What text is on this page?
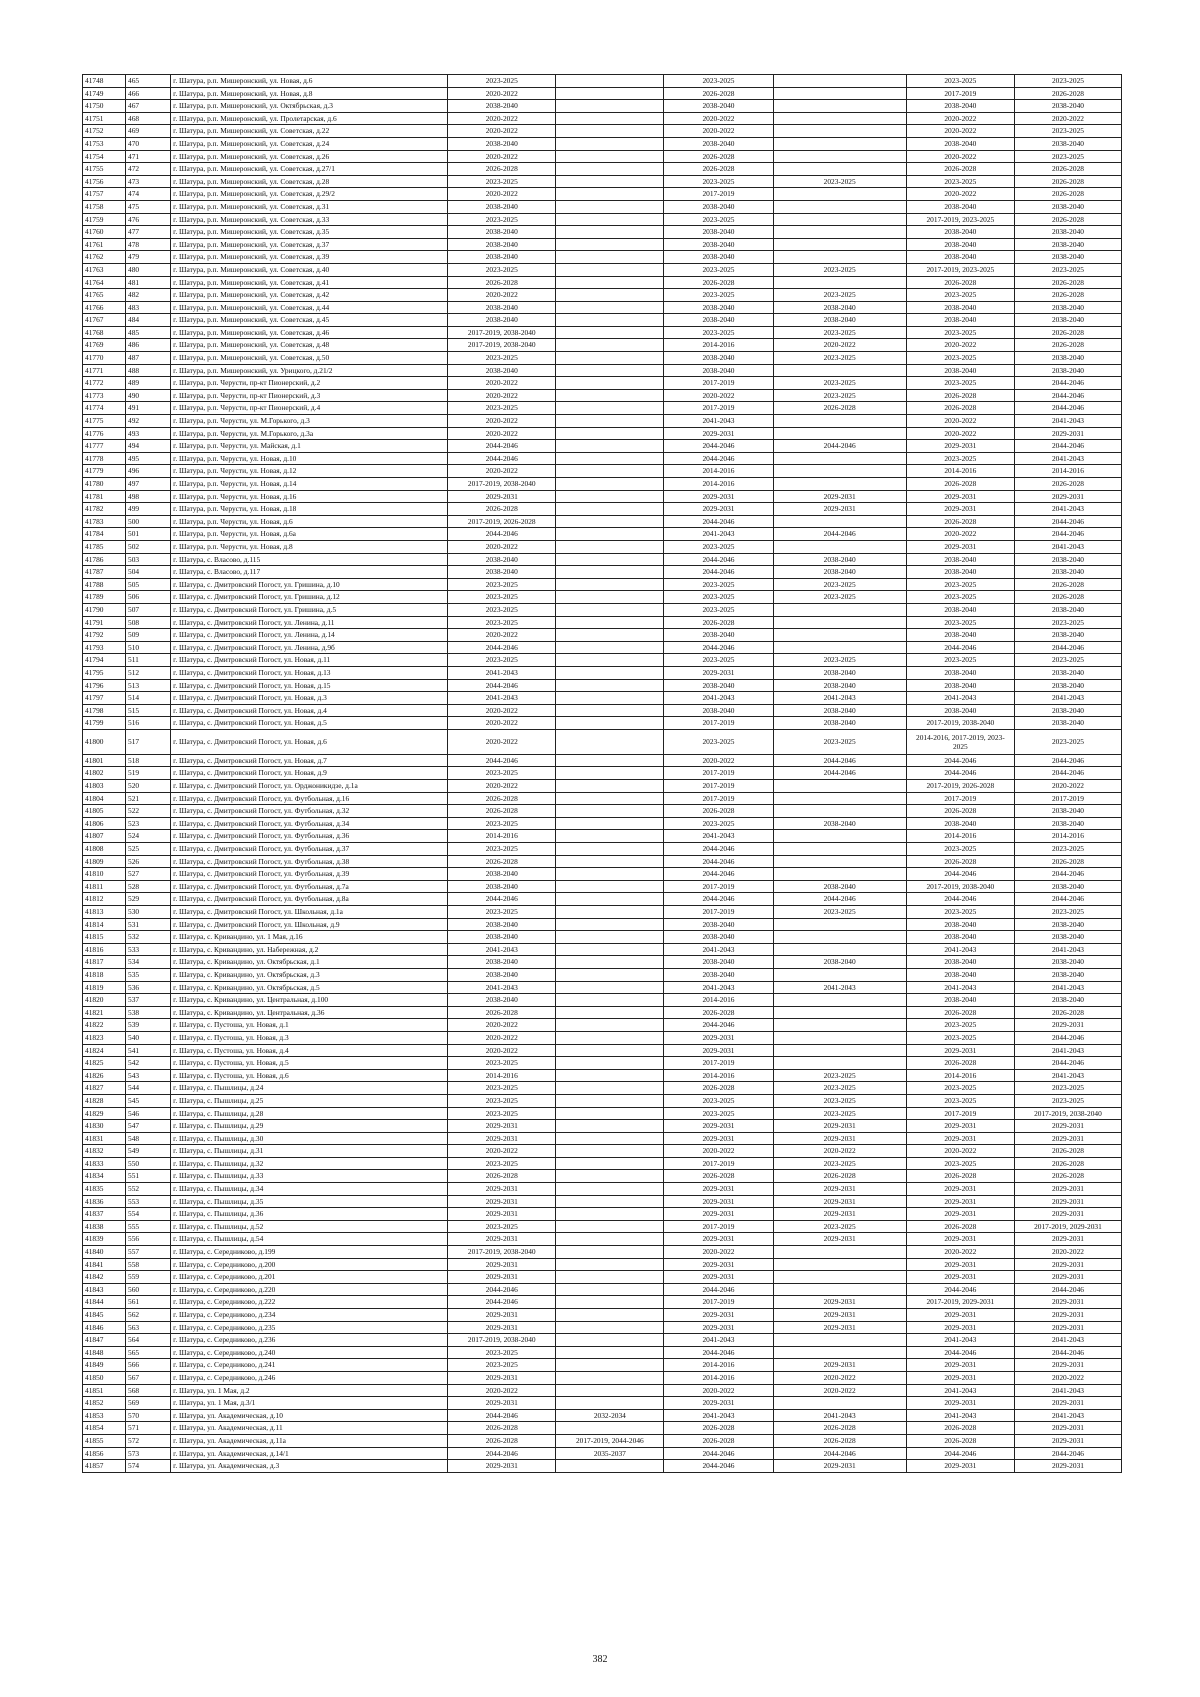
41748	465	г. Шатура, р.п. Мишеронский, ул. Новая, д.6	2023-2025		2023-2025		2023-2025	2023-2025
41749	466	г. Шатура, р.п. Мишеронский, ул. Новая, д.8	2020-2022		2026-2028		2017-2019	2026-2028
41750	467	г. Шатура, р.п. Мишеронский, ул. Октябрьская, д.3	2038-2040		2038-2040		2038-2040	2038-2040
41751	468	г. Шатура, р.п. Мишеронский, ул. Пролетарская, д.6	2020-2022		2020-2022		2020-2022	2020-2022
41752	469	г. Шатура, р.п. Мишеронский, ул. Советская, д.22	2020-2022		2020-2022		2020-2022	2023-2025
41753	470	г. Шатура, р.п. Мишеронский, ул. Советская, д.24	2038-2040		2038-2040		2038-2040	2038-2040
41754	471	г. Шатура, р.п. Мишеронский, ул. Советская, д.26	2020-2022		2026-2028		2020-2022	2023-2025
41755	472	г. Шатура, р.п. Мишеронский, ул. Советская, д.27/1	2026-2028		2026-2028		2026-2028	2026-2028
41756	473	г. Шатура, р.п. Мишеронский, ул. Советская, д.28	2023-2025		2023-2025	2023-2025	2023-2025	2026-2028
41757	474	г. Шатура, р.п. Мишеронский, ул. Советская, д.29/2	2020-2022		2017-2019		2020-2022	2026-2028
41758	475	г. Шатура, р.п. Мишеронский, ул. Советская, д.31	2038-2040		2038-2040		2038-2040	2038-2040
41759	476	г. Шатура, р.п. Мишеронский, ул. Советская, д.33	2023-2025		2023-2025		2017-2019, 2023-2025	2026-2028
41760	477	г. Шатура, р.п. Мишеронский, ул. Советская, д.35	2038-2040		2038-2040		2038-2040	2038-2040
41761	478	г. Шатура, р.п. Мишеронский, ул. Советская, д.37	2038-2040		2038-2040		2038-2040	2038-2040
41762	479	г. Шатура, р.п. Мишеронский, ул. Советская, д.39	2038-2040		2038-2040		2038-2040	2038-2040
41763	480	г. Шатура, р.п. Мишеронский, ул. Советская, д.40	2023-2025		2023-2025	2023-2025	2017-2019, 2023-2025	2023-2025
41764	481	г. Шатура, р.п. Мишеронский, ул. Советская, д.41	2026-2028		2026-2028		2026-2028	2026-2028
41765	482	г. Шатура, р.п. Мишеронский, ул. Советская, д.42	2020-2022		2023-2025	2023-2025	2023-2025	2026-2028
41766	483	г. Шатура, р.п. Мишеронский, ул. Советская, д.44	2038-2040		2038-2040	2038-2040	2038-2040	2038-2040
41767	484	г. Шатура, р.п. Мишеронский, ул. Советская, д.45	2038-2040		2038-2040	2038-2040	2038-2040	2038-2040
41768	485	г. Шатура, р.п. Мишеронский, ул. Советская, д.46	2017-2019, 2038-2040		2023-2025	2023-2025	2023-2025	2026-2028
41769	486	г. Шатура, р.п. Мишеронский, ул. Советская, д.48	2017-2019, 2038-2040		2014-2016	2020-2022	2020-2022	2026-2028
41770	487	г. Шатура, р.п. Мишеронский, ул. Советская, д.50	2023-2025		2038-2040	2023-2025	2023-2025	2038-2040
41771	488	г. Шатура, р.п. Мишеронский, ул. Урицкого, д.21/2	2038-2040		2038-2040		2038-2040	2038-2040
41772	489	г. Шатура, р.п. Черусти, пр-кт Пионерский, д.2	2020-2022		2017-2019	2023-2025	2023-2025	2044-2046
41773	490	г. Шатура, р.п. Черусти, пр-кт Пионерский, д.3	2020-2022		2020-2022	2023-2025	2026-2028	2044-2046
41774	491	г. Шатура, р.п. Черусти, пр-кт Пионерский, д.4	2023-2025		2017-2019	2026-2028	2026-2028	2044-2046
41775	492	г. Шатура, р.п. Черусти, ул. М.Горького, д.3	2020-2022		2041-2043		2020-2022	2041-2043
41776	493	г. Шатура, р.п. Черусти, ул. М.Горького, д.3а	2020-2022		2029-2031		2020-2022	2029-2031
41777	494	г. Шатура, р.п. Черусти, ул. Майская, д.1	2044-2046		2044-2046	2044-2046	2029-2031	2044-2046
41778	495	г. Шатура, р.п. Черусти, ул. Новая, д.10	2044-2046		2044-2046		2023-2025	2041-2043
41779	496	г. Шатура, р.п. Черусти, ул. Новая, д.12	2020-2022		2014-2016		2014-2016	2014-2016
41780	497	г. Шатура, р.п. Черусти, ул. Новая, д.14	2017-2019, 2038-2040		2014-2016		2026-2028	2026-2028
41781	498	г. Шатура, р.п. Черусти, ул. Новая, д.16	2029-2031		2029-2031	2029-2031	2029-2031	2029-2031
41782	499	г. Шатура, р.п. Черусти, ул. Новая, д.18	2026-2028		2029-2031	2029-2031	2029-2031	2041-2043
41783	500	г. Шатура, р.п. Черусти, ул. Новая, д.6	2017-2019, 2026-2028		2044-2046		2026-2028	2044-2046
41784	501	г. Шатура, р.п. Черусти, ул. Новая, д.6а	2044-2046		2041-2043	2044-2046	2020-2022	2044-2046
41785	502	г. Шатура, р.п. Черусти, ул. Новая, д.8	2020-2022		2023-2025		2029-2031	2041-2043
41786	503	г. Шатура, с. Власово, д.115	2038-2040		2044-2046	2038-2040	2038-2040	2038-2040
41787	504	г. Шатура, с. Власово, д.117	2038-2040		2044-2046	2038-2040	2038-2040	2038-2040
41788	505	г. Шатура, с. Дмитровский Погост, ул. Гришина, д.10	2023-2025		2023-2025	2023-2025	2023-2025	2026-2028
41789	506	г. Шатура, с. Дмитровский Погост, ул. Гришина, д.12	2023-2025		2023-2025	2023-2025	2023-2025	2026-2028
41790	507	г. Шатура, с. Дмитровский Погост, ул. Гришина, д.5	2023-2025		2023-2025		2038-2040	2038-2040
41791	508	г. Шатура, с. Дмитровский Погост, ул. Ленина, д.11	2023-2025		2026-2028		2023-2025	2023-2025
41792	509	г. Шатура, с. Дмитровский Погост, ул. Ленина, д.14	2020-2022		2038-2040		2038-2040	2038-2040
41793	510	г. Шатура, с. Дмитровский Погост, ул. Ленина, д.9б	2044-2046		2044-2046		2044-2046	2044-2046
41794	511	г. Шатура, с. Дмитровский Погост, ул. Новая, д.11	2023-2025		2023-2025	2023-2025	2023-2025	2023-2025
41795	512	г. Шатура, с. Дмитровский Погост, ул. Новая, д.13	2041-2043		2029-2031	2038-2040	2038-2040	2038-2040
41796	513	г. Шатура, с. Дмитровский Погост, ул. Новая, д.15	2044-2046		2038-2040	2038-2040	2038-2040	2038-2040
41797	514	г. Шатура, с. Дмитровский Погост, ул. Новая, д.3	2041-2043		2041-2043	2041-2043	2041-2043	2041-2043
41798	515	г. Шатура, с. Дмитровский Погост, ул. Новая, д.4	2020-2022		2038-2040	2038-2040	2038-2040	2038-2040
41799	516	г. Шатура, с. Дмитровский Погост, ул. Новая, д.5	2020-2022		2017-2019	2038-2040	2017-2019, 2038-2040	2038-2040
41800	517	г. Шатура, с. Дмитровский Погост, ул. Новая, д.6	2020-2022		2023-2025	2023-2025	2014-2016, 2017-2019, 2023-2025	2023-2025
41801	518	г. Шатура, с. Дмитровский Погост, ул. Новая, д.7	2044-2046		2020-2022	2044-2046	2044-2046	2044-2046
41802	519	г. Шатура, с. Дмитровский Погост, ул. Новая, д.9	2023-2025		2017-2019	2044-2046	2044-2046	2044-2046
41803	520	г. Шатура, с. Дмитровский Погост, ул. Орджоникидзе, д.1а	2020-2022		2017-2019		2017-2019, 2026-2028	2020-2022
41804	521	г. Шатура, с. Дмитровский Погост, ул. Футбольная, д.16	2026-2028		2017-2019		2017-2019	2017-2019
41805	522	г. Шатура, с. Дмитровский Погост, ул. Футбольная, д.32	2026-2028		2026-2028		2026-2028	2038-2040
41806	523	г. Шатура, с. Дмитровский Погост, ул. Футбольная, д.34	2023-2025		2023-2025	2038-2040	2038-2040	2038-2040
41807	524	г. Шатура, с. Дмитровский Погост, ул. Футбольная, д.36	2014-2016		2041-2043		2014-2016	2014-2016
41808	525	г. Шатура, с. Дмитровский Погост, ул. Футбольная, д.37	2023-2025		2044-2046		2023-2025	2023-2025
41809	526	г. Шатура, с. Дмитровский Погост, ул. Футбольная, д.38	2026-2028		2044-2046		2026-2028	2026-2028
41810	527	г. Шатура, с. Дмитровский Погост, ул. Футбольная, д.39	2038-2040		2044-2046		2044-2046	2044-2046
41811	528	г. Шатура, с. Дмитровский Погост, ул. Футбольная, д.7а	2038-2040		2017-2019	2038-2040	2017-2019, 2038-2040	2038-2040
41812	529	г. Шатура, с. Дмитровский Погост, ул. Футбольная, д.8а	2044-2046		2044-2046	2044-2046	2044-2046	2044-2046
41813	530	г. Шатура, с. Дмитровский Погост, ул. Школьная, д.1а	2023-2025		2017-2019	2023-2025	2023-2025	2023-2025
41814	531	г. Шатура, с. Дмитровский Погост, ул. Школьная, д.9	2038-2040		2038-2040		2038-2040	2038-2040
41815	532	г. Шатура, с. Кривандино, ул. 1 Мая, д.16	2038-2040		2038-2040		2038-2040	2038-2040
41816	533	г. Шатура, с. Кривандино, ул. Набережная, д.2	2041-2043		2041-2043		2041-2043	2041-2043
41817	534	г. Шатура, с. Кривандино, ул. Октябрьская, д.1	2038-2040		2038-2040	2038-2040	2038-2040	2038-2040
41818	535	г. Шатура, с. Кривандино, ул. Октябрьская, д.3	2038-2040		2038-2040		2038-2040	2038-2040
41819	536	г. Шатура, с. Кривандино, ул. Октябрьская, д.5	2041-2043		2041-2043	2041-2043	2041-2043	2041-2043
41820	537	г. Шатура, с. Кривандино, ул. Центральная, д.100	2038-2040		2014-2016		2038-2040	2038-2040
41821	538	г. Шатура, с. Кривандино, ул. Центральная, д.36	2026-2028		2026-2028		2026-2028	2026-2028
41822	539	г. Шатура, с. Пустоша, ул. Новая, д.1	2020-2022		2044-2046		2023-2025	2029-2031
41823	540	г. Шатура, с. Пустоша, ул. Новая, д.3	2020-2022		2029-2031		2023-2025	2044-2046
41824	541	г. Шатура, с. Пустоша, ул. Новая, д.4	2020-2022		2029-2031		2029-2031	2041-2043
41825	542	г. Шатура, с. Пустоша, ул. Новая, д.5	2023-2025		2017-2019		2026-2028	2044-2046
41826	543	г. Шатура, с. Пустоша, ул. Новая, д.6	2014-2016		2014-2016	2023-2025	2014-2016	2041-2043
41827	544	г. Шатура, с. Пышлицы, д.24	2023-2025		2026-2028	2023-2025	2023-2025	2023-2025
41828	545	г. Шатура, с. Пышлицы, д.25	2023-2025		2023-2025	2023-2025	2023-2025	2023-2025
41829	546	г. Шатура, с. Пышлицы, д.28	2023-2025		2023-2025	2023-2025	2017-2019	2017-2019, 2038-2040
41830	547	г. Шатура, с. Пышлицы, д.29	2029-2031		2029-2031	2029-2031	2029-2031	2029-2031
41831	548	г. Шатура, с. Пышлицы, д.30	2029-2031		2029-2031	2029-2031	2029-2031	2029-2031
41832	549	г. Шатура, с. Пышлицы, д.31	2020-2022		2020-2022	2020-2022	2020-2022	2026-2028
41833	550	г. Шатура, с. Пышлицы, д.32	2023-2025		2017-2019	2023-2025	2023-2025	2026-2028
41834	551	г. Шатура, с. Пышлицы, д.33	2026-2028		2026-2028	2026-2028	2026-2028	2026-2028
41835	552	г. Шатура, с. Пышлицы, д.34	2029-2031		2029-2031	2029-2031	2029-2031	2029-2031
41836	553	г. Шатура, с. Пышлицы, д.35	2029-2031		2029-2031	2029-2031	2029-2031	2029-2031
41837	554	г. Шатура, с. Пышлицы, д.36	2029-2031		2029-2031	2029-2031	2029-2031	2029-2031
41838	555	г. Шатура, с. Пышлицы, д.52	2023-2025		2017-2019	2023-2025	2026-2028	2017-2019, 2029-2031
41839	556	г. Шатура, с. Пышлицы, д.54	2029-2031		2029-2031	2029-2031	2029-2031	2029-2031
41840	557	г. Шатура, с. Середниково, д.199	2017-2019, 2038-2040		2020-2022		2020-2022	2020-2022
41841	558	г. Шатура, с. Середниково, д.200	2029-2031		2029-2031		2029-2031	2029-2031
41842	559	г. Шатура, с. Середниково, д.201	2029-2031		2029-2031		2029-2031	2029-2031
41843	560	г. Шатура, с. Середниково, д.220	2044-2046		2044-2046		2044-2046	2044-2046
41844	561	г. Шатура, с. Середниково, д.222	2044-2046		2017-2019	2029-2031	2017-2019, 2029-2031	2029-2031
41845	562	г. Шатура, с. Середниково, д.234	2029-2031		2029-2031	2029-2031	2029-2031	2029-2031
41846	563	г. Шатура, с. Середниково, д.235	2029-2031		2029-2031	2029-2031	2029-2031	2029-2031
41847	564	г. Шатура, с. Середниково, д.236	2017-2019, 2038-2040		2041-2043		2041-2043	2041-2043
41848	565	г. Шатура, с. Середниково, д.240	2023-2025		2044-2046		2044-2046	2044-2046
41849	566	г. Шатура, с. Середниково, д.241	2023-2025		2014-2016	2029-2031	2029-2031	2029-2031
41850	567	г. Шатура, с. Середниково, д.246	2029-2031		2014-2016	2020-2022	2029-2031	2020-2022
41851	568	г. Шатура, ул. 1 Мая, д.2	2020-2022		2020-2022	2020-2022	2041-2043	2041-2043
41852	569	г. Шатура, ул. 1 Мая, д.3/1	2029-2031		2029-2031		2029-2031	2029-2031
41853	570	г. Шатура, ул. Академическая, д.10	2044-2046	2032-2034	2041-2043	2041-2043	2041-2043	2041-2043
41854	571	г. Шатура, ул. Академическая, д.11	2026-2028		2026-2028	2026-2028	2026-2028	2029-2031
41855	572	г. Шатура, ул. Академическая, д.11а	2026-2028	2017-2019, 2044-2046	2026-2028	2026-2028	2026-2028	2029-2031
41856	573	г. Шатура, ул. Академическая, д.14/1	2044-2046	2035-2037	2044-2046	2044-2046	2044-2046	2044-2046
41857	574	г. Шатура, ул. Академическая, д.3	2029-2031		2044-2046	2029-2031	2029-2031	2029-2031
382
